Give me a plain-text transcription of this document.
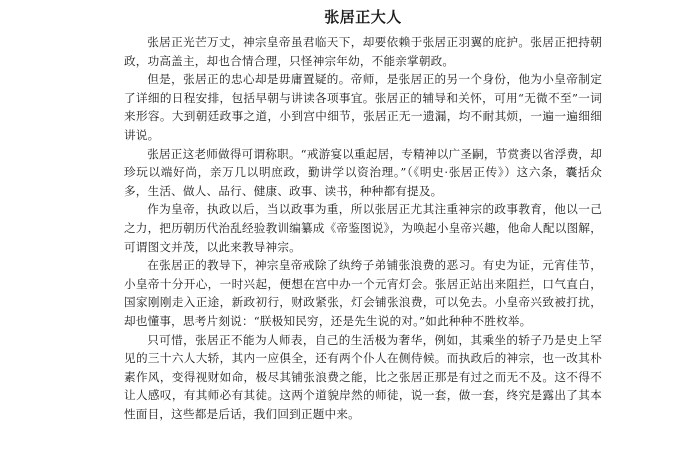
张居正大人

张居正光芒万丈，神宗皇帝虽君临天下，却要依赖于张居正羽翼的庇护。张居正把持朝政，功高盖主，却也合情合理，只怪神宗年幼，不能亲掌朝政。

但是，张居正的忠心却是毋庸置疑的。帝师，是张居正的另一个身份，他为小皇帝制定了详细的日程安排，包括早朝与讲读各项事宜。张居正的辅导和关怀，可用“无微不至”一词来形容。大到朝廷政事之道，小到宫中细节，张居正无一遗漏，均不耐其烦，一遍一遍细细讲说。

张居正这老师做得可谓称职。“戒游宴以重起居，专精神以广圣嗣，节赏赉以省浮费，却珍玩以端好尚，亲万几以明庶政，勤讲学以资治理。”（《明史·张居正传》）这六条，囊括众多，生活、做人、品行、健康、政事、读书，种种都有提及。

作为皇帝，执政以后，当以政事为重，所以张居正尤其注重神宗的政事教育，他以一己之力，把历朝历代治乱经验教训编纂成《帝鉴图说》，为唤起小皇帝兴趣，他命人配以图解，可谓图文并茂，以此来教导神宗。

在张居正的教导下，神宗皇帝戒除了纨绔子弟铺张浪费的恶习。有史为证，元宵佳节，小皇帝十分开心，一时兴起，便想在宫中办一个元宵灯会。张居正站出来阻拦，口气直白，国家刚刚走入正途，新政初行，财政紧张，灯会铺张浪费，可以免去。小皇帝兴致被打扰，却也懂事，思考片刻说：“朕极知民穷，还是先生说的对。”如此种种不胜枚举。

只可惜，张居正不能为人师表，自己的生活极为奢华，例如，其乘坐的轿子乃是史上罕见的三十六人大轿，其内一应俱全，还有两个仆人在侧侍候。而执政后的神宗，也一改其朴素作风，变得视财如命，极尽其铺张浪费之能，比之张居正那是有过之而无不及。这不得不让人感叹，有其师必有其徒。这两个道貌岸然的师徒，说一套，做一套，终究是露出了其本性面目，这些都是后话，我们回到正题中来。
